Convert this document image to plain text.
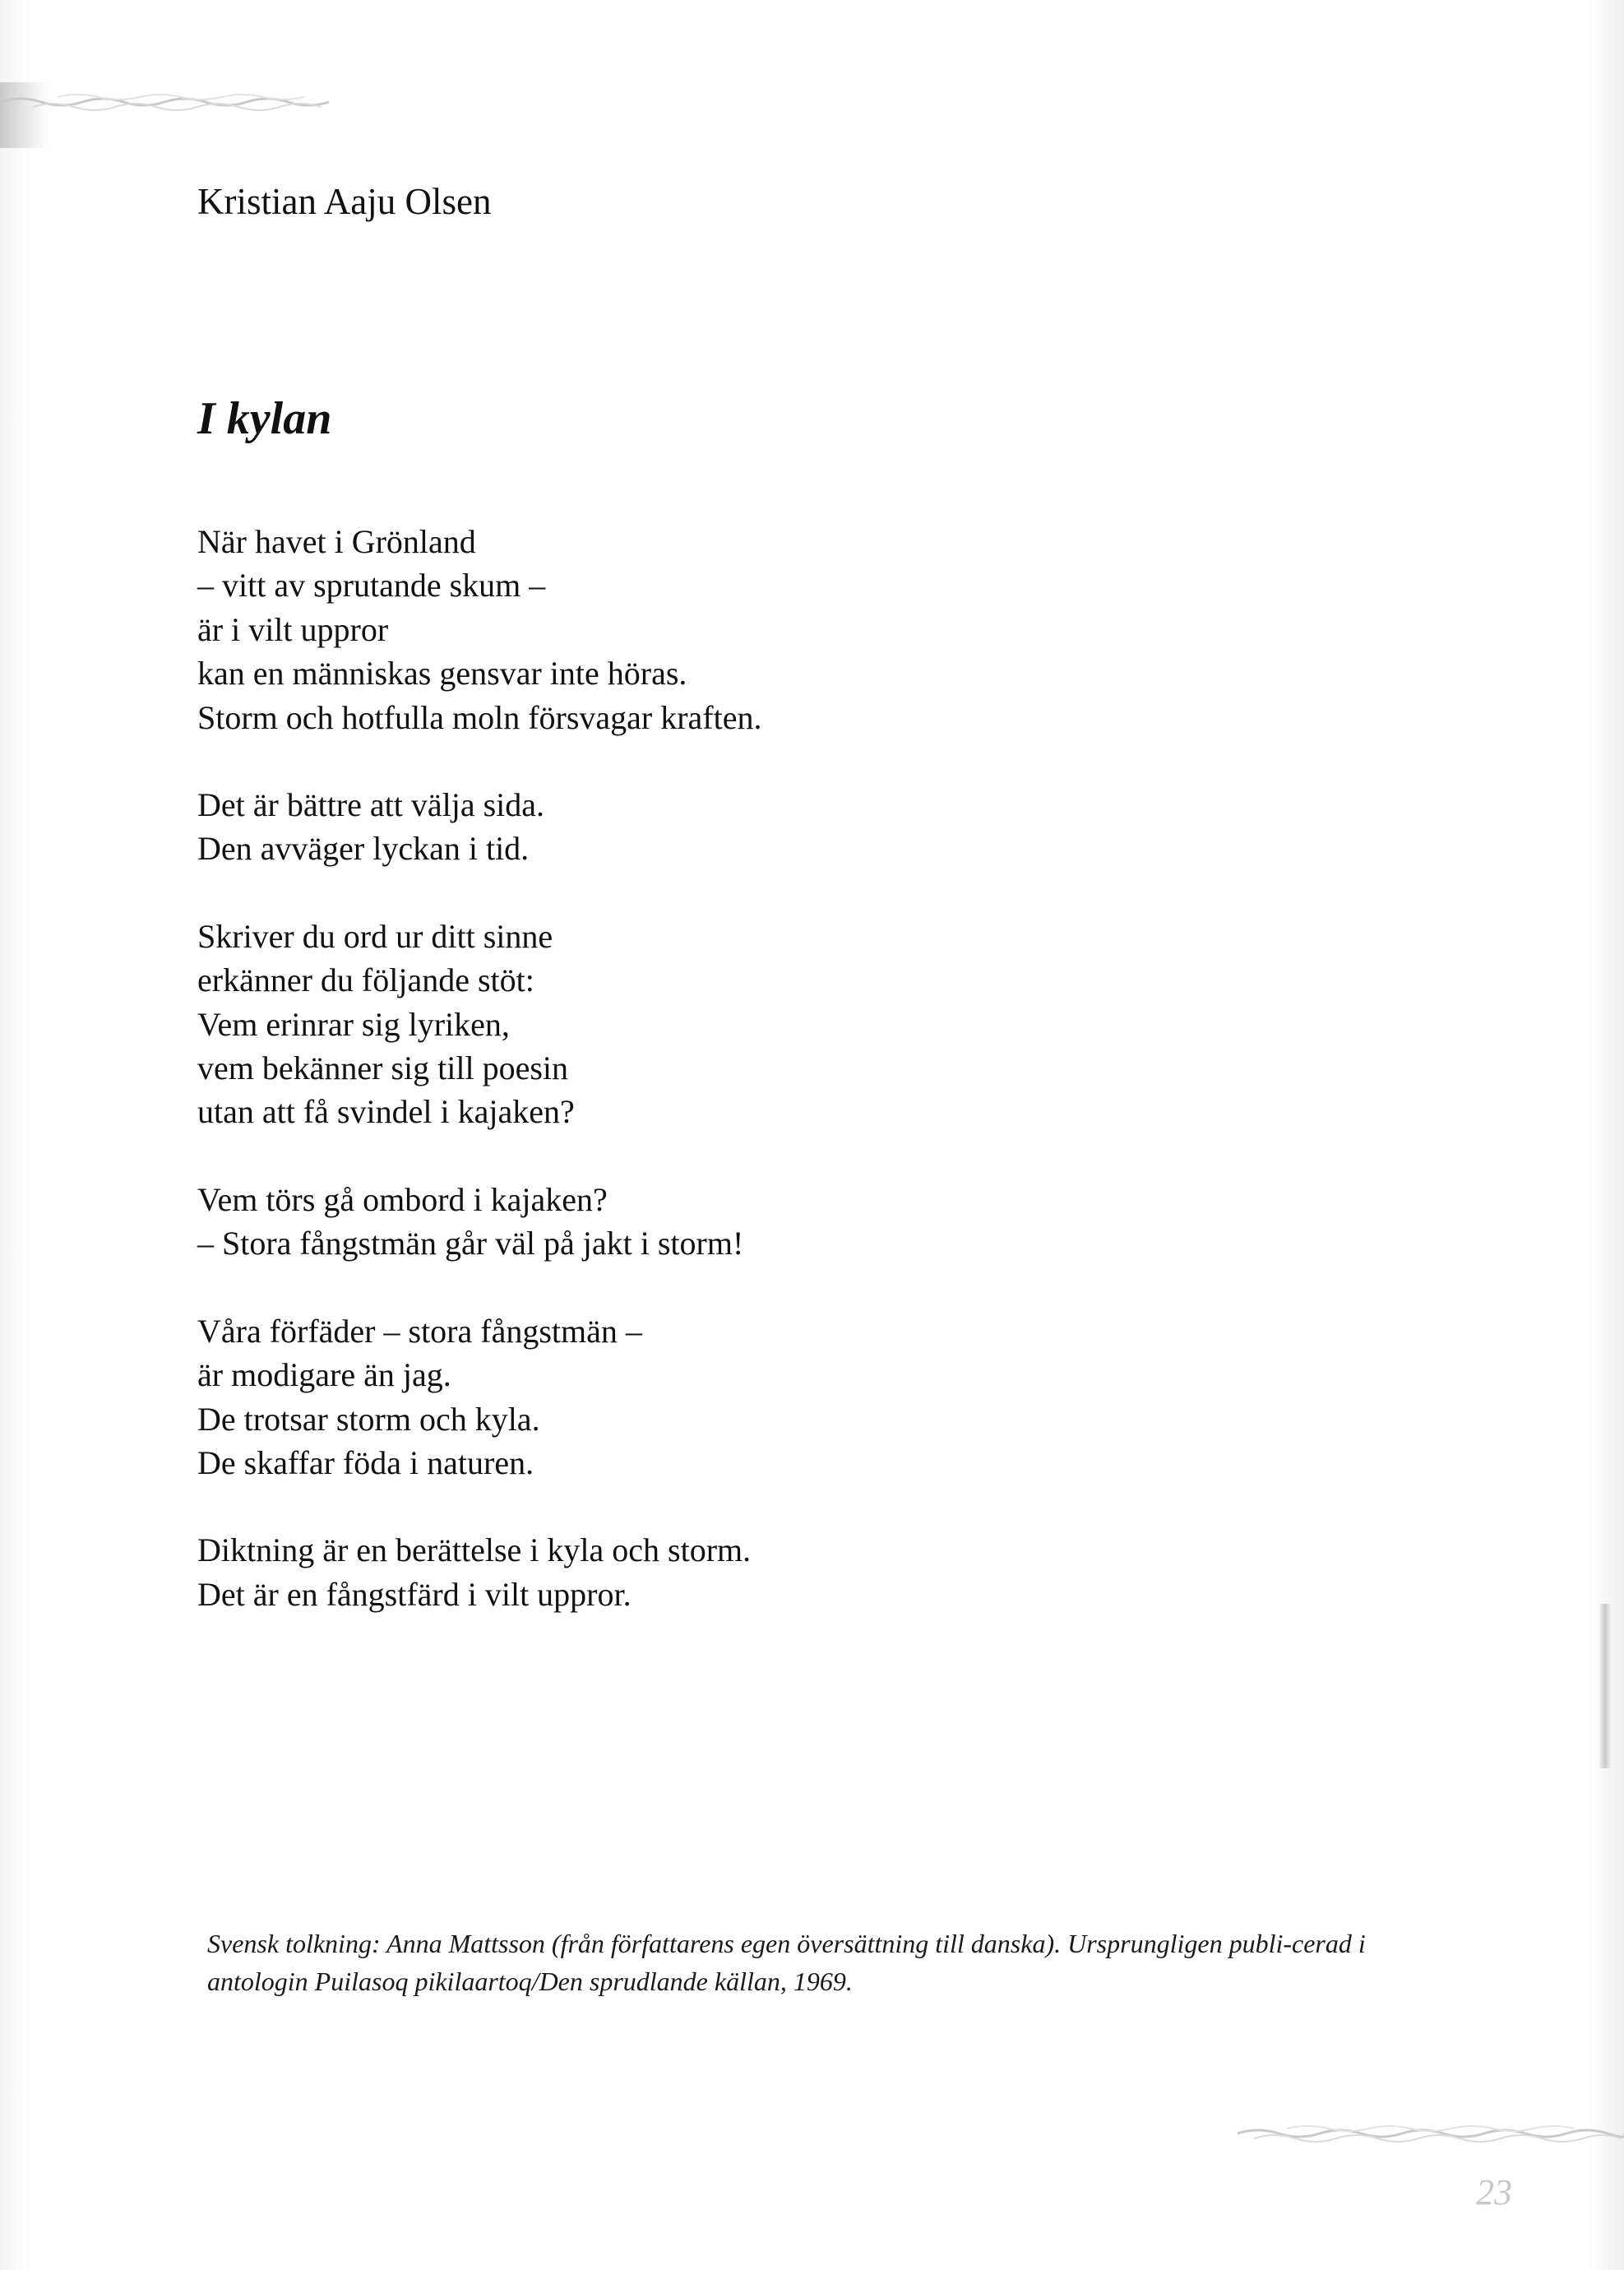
Kristian Aaju Olsen
I kylan
När havet i Grönland
– vitt av sprutande skum –
är i vilt uppror
kan en människas gensvar inte höras.
Storm och hotfulla moln försvagar kraften.
Det är bättre att välja sida.
Den avväger lyckan i tid.
Skriver du ord ur ditt sinne
erkänner du följande stöt:
Vem erinrar sig lyriken,
vem bekänner sig till poesin
utan att få svindel i kajaken?
Vem törs gå ombord i kajaken?
– Stora fångstmän går väl på jakt i storm!
Våra förfäder – stora fångstmän –
är modigare än jag.
De trotsar storm och kyla.
De skaffar föda i naturen.
Diktning är en berättelse i kyla och storm.
Det är en fångstfärd i vilt uppror.

Svensk tolkning: Anna Mattsson (från författarens egen översättning till danska). Ursprungligen publi-cerad i antologin Puilasoq pikilaartoq/Den sprudlande källan, 1969.

23
